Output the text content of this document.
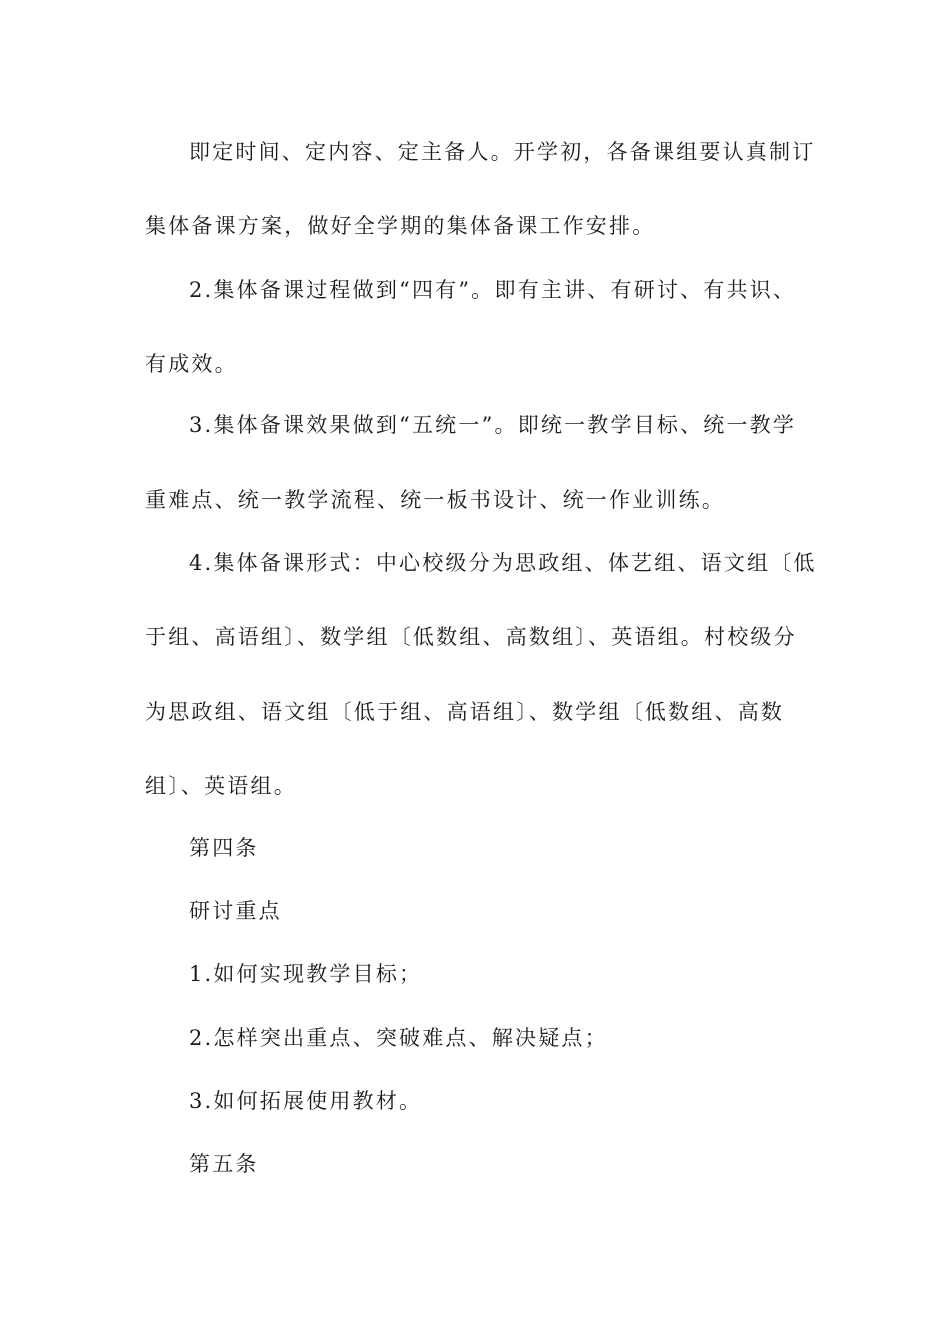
即定时间、定内容、定主备人。开学初，各备课组要认真制订
集体备课方案，做好全学期的集体备课工作安排。
2.集体备课过程做到“四有”。即有主讲、有研讨、有共识、
有成效。
3.集体备课效果做到“五统一”。即统一教学目标、统一教学
重难点、统一教学流程、统一板书设计、统一作业训练。
4.集体备课形式：中心校级分为思政组、体艺组、语文组〔低
于组、高语组〕、数学组〔低数组、高数组〕、英语组。村校级分
为思政组、语文组〔低于组、高语组〕、数学组〔低数组、高数
组〕、英语组。
第四条
研讨重点
1.如何实现教学目标；
2.怎样突出重点、突破难点、解决疑点；
3.如何拓展使用教材。
第五条
